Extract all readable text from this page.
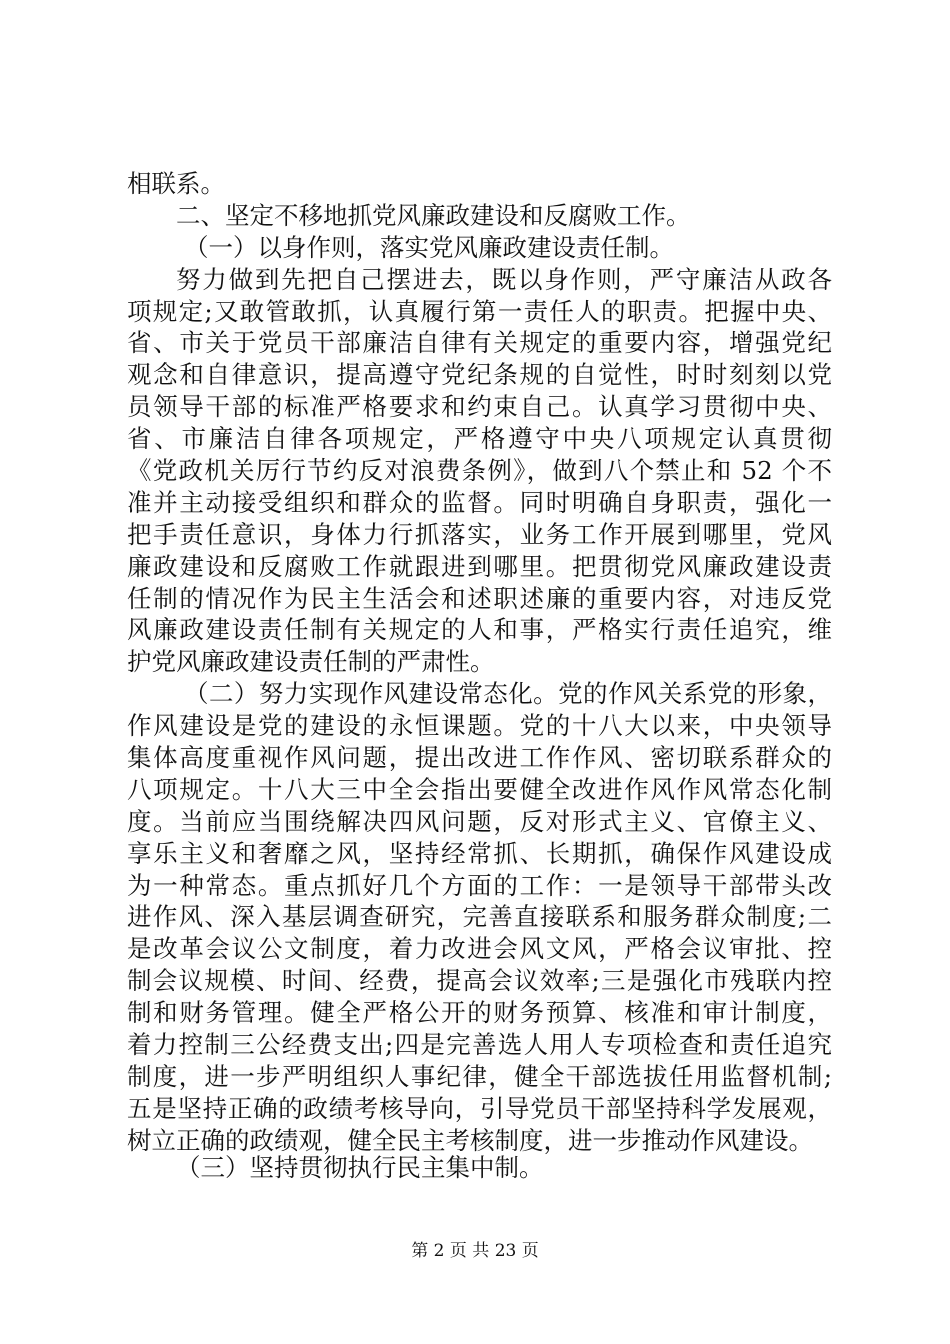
相联系。
二、坚定不移地抓党风廉政建设和反腐败工作。
（一）以身作则，落实党风廉政建设责任制。
努力做到先把自己摆进去，既以身作则，严守廉洁从政各
项规定;又敢管敢抓，认真履行第一责任人的职责。把握中央、
省、市关于党员干部廉洁自律有关规定的重要内容，增强党纪
观念和自律意识，提高遵守党纪条规的自觉性，时时刻刻以党
员领导干部的标准严格要求和约束自己。认真学习贯彻中央、
省、市廉洁自律各项规定，严格遵守中央八项规定认真贯彻
《党政机关厉行节约反对浪费条例》，做到八个禁止和 52 个不
准并主动接受组织和群众的监督。同时明确自身职责，强化一
把手责任意识，身体力行抓落实，业务工作开展到哪里，党风
廉政建设和反腐败工作就跟进到哪里。把贯彻党风廉政建设责
任制的情况作为民主生活会和述职述廉的重要内容，对违反党
风廉政建设责任制有关规定的人和事，严格实行责任追究，维
护党风廉政建设责任制的严肃性。
（二）努力实现作风建设常态化。党的作风关系党的形象，
作风建设是党的建设的永恒课题。党的十八大以来，中央领导
集体高度重视作风问题，提出改进工作作风、密切联系群众的
八项规定。十八大三中全会指出要健全改进作风作风常态化制
度。当前应当围绕解决四风问题，反对形式主义、官僚主义、
享乐主义和奢靡之风，坚持经常抓、长期抓，确保作风建设成
为一种常态。重点抓好几个方面的工作：一是领导干部带头改
进作风、深入基层调查研究，完善直接联系和服务群众制度;二
是改革会议公文制度，着力改进会风文风，严格会议审批、控
制会议规模、时间、经费，提高会议效率;三是强化市残联内控
制和财务管理。健全严格公开的财务预算、核准和审计制度，
着力控制三公经费支出;四是完善选人用人专项检查和责任追究
制度，进一步严明组织人事纪律，健全干部选拔任用监督机制;
五是坚持正确的政绩考核导向，引导党员干部坚持科学发展观，
树立正确的政绩观，健全民主考核制度，进一步推动作风建设。
（三）坚持贯彻执行民主集中制。
第 2 页 共 23 页
